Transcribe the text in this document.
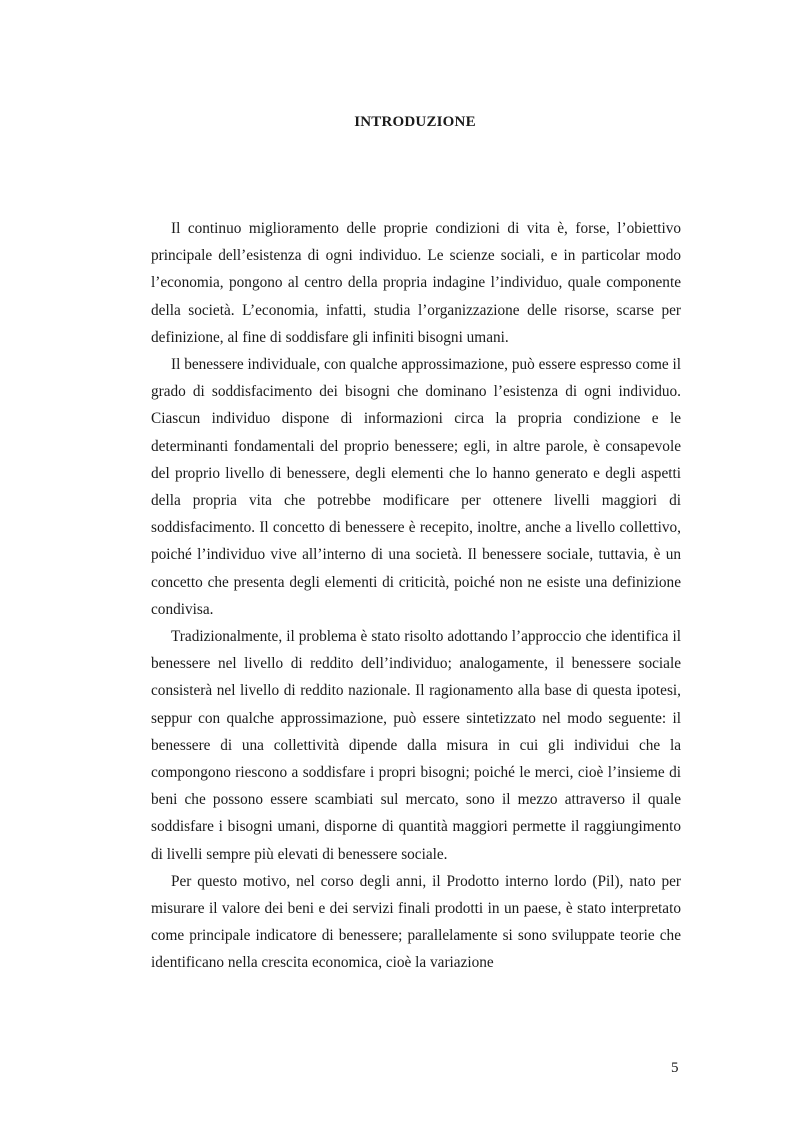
INTRODUZIONE

Il continuo miglioramento delle proprie condizioni di vita è, forse, l’obiettivo principale dell’esistenza di ogni individuo. Le scienze sociali, e in particolar modo l’economia, pongono al centro della propria indagine l’individuo, quale componente della società. L’economia, infatti, studia l’organizzazione delle risorse, scarse per definizione, al fine di soddisfare gli infiniti bisogni umani.

Il benessere individuale, con qualche approssimazione, può essere espresso come il grado di soddisfacimento dei bisogni che dominano l’esistenza di ogni individuo. Ciascun individuo dispone di informazioni circa la propria condizione e le determinanti fondamentali del proprio benessere; egli, in altre parole, è consapevole del proprio livello di benessere, degli elementi che lo hanno generato e degli aspetti della propria vita che potrebbe modificare per ottenere livelli maggiori di soddisfacimento. Il concetto di benessere è recepito, inoltre, anche a livello collettivo, poiché l’individuo vive all’interno di una società. Il benessere sociale, tuttavia, è un concetto che presenta degli elementi di criticità, poiché non ne esiste una definizione condivisa.

Tradizionalmente, il problema è stato risolto adottando l’approccio che identifica il benessere nel livello di reddito dell’individuo; analogamente, il benessere sociale consisterà nel livello di reddito nazionale. Il ragionamento alla base di questa ipotesi, seppur con qualche approssimazione, può essere sintetizzato nel modo seguente: il benessere di una collettività dipende dalla misura in cui gli individui che la compongono riescono a soddisfare i propri bisogni; poiché le merci, cioè l’insieme di beni che possono essere scambiati sul mercato, sono il mezzo attraverso il quale soddisfare i bisogni umani, disporne di quantità maggiori permette il raggiungimento di livelli sempre più elevati di benessere sociale.

Per questo motivo, nel corso degli anni, il Prodotto interno lordo (Pil), nato per misurare il valore dei beni e dei servizi finali prodotti in un paese, è stato interpretato come principale indicatore di benessere; parallelamente si sono sviluppate teorie che identificano nella crescita economica, cioè la variazione

5
